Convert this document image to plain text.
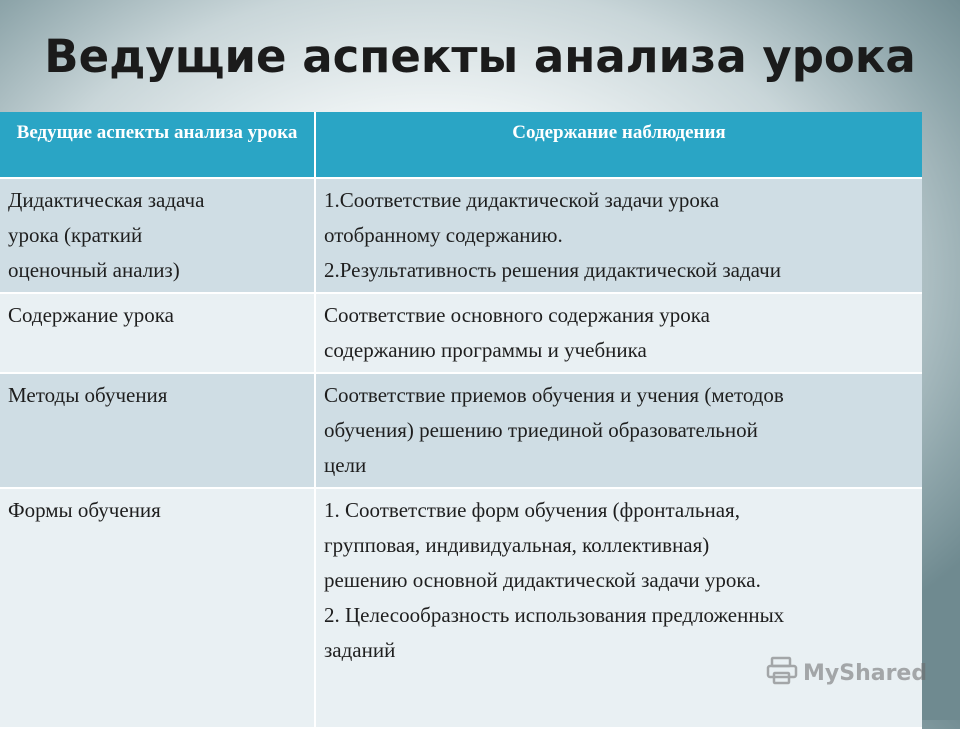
Ведущие аспекты анализа урока
Ведущие аспекты анализа урока	Содержание наблюдения

Дидактическая задача
урока (краткий
оценочный анализ)	1.Соответствие дидактической задачи урока
отобранному содержанию.
2.Результативность решения дидактической задачи

Содержание урока	Соответствие основного содержания урока
содержанию программы и учебника

Методы обучения	Соответствие приемов обучения и учения (методов
обучения) решению триединой образовательной
цели

Формы обучения	1. Соответствие форм обучения (фронтальная,
групповая, индивидуальная, коллективная)
решению основной дидактической задачи урока.
2. Целесообразность использования предложенных
заданий
MyShared
